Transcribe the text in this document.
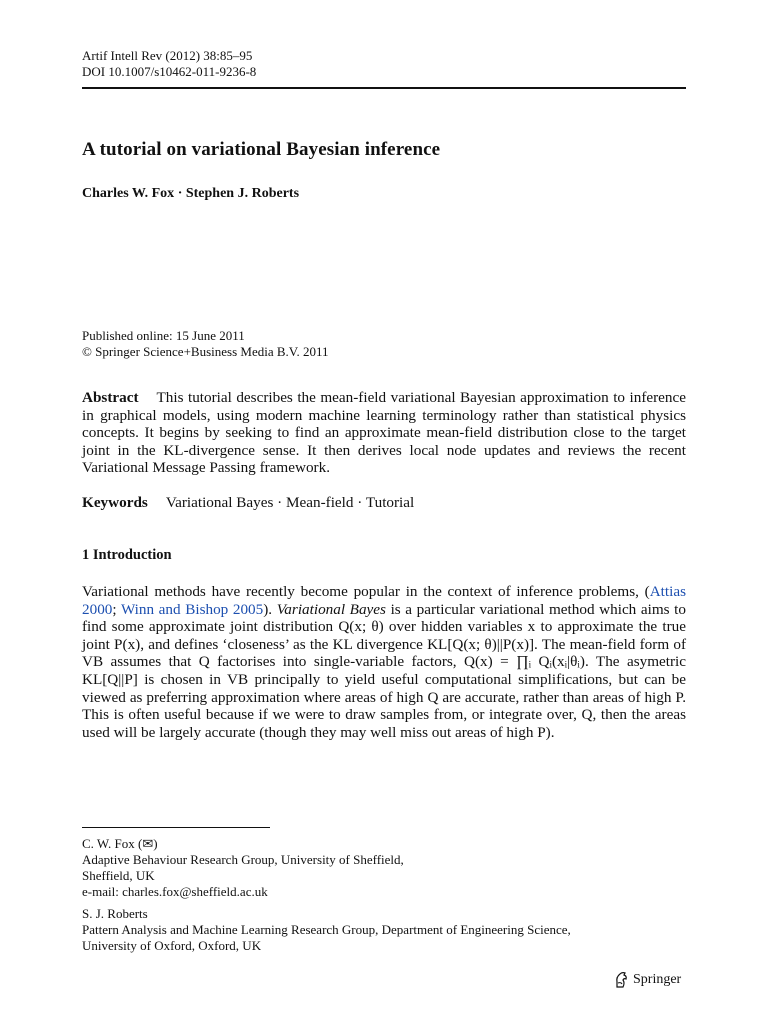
Artif Intell Rev (2012) 38:85–95
DOI 10.1007/s10462-011-9236-8
A tutorial on variational Bayesian inference
Charles W. Fox · Stephen J. Roberts
Published online: 15 June 2011
© Springer Science+Business Media B.V. 2011
Abstract This tutorial describes the mean-field variational Bayesian approximation to inference in graphical models, using modern machine learning terminology rather than statistical physics concepts. It begins by seeking to find an approximate mean-field distribution close to the target joint in the KL-divergence sense. It then derives local node updates and reviews the recent Variational Message Passing framework.
Keywords Variational Bayes · Mean-field · Tutorial
1 Introduction
Variational methods have recently become popular in the context of inference problems, (Attias 2000; Winn and Bishop 2005). Variational Bayes is a particular variational method which aims to find some approximate joint distribution Q(x; θ) over hidden variables x to approximate the true joint P(x), and defines ‘closeness’ as the KL divergence KL[Q(x; θ)||P(x)]. The mean-field form of VB assumes that Q factorises into single-variable factors, Q(x) = ∏ᵢ Qᵢ(xᵢ|θᵢ). The asymetric KL[Q||P] is chosen in VB principally to yield useful computational simplifications, but can be viewed as preferring approximation where areas of high Q are accurate, rather than areas of high P. This is often useful because if we were to draw samples from, or integrate over, Q, then the areas used will be largely accurate (though they may well miss out areas of high P).
C. W. Fox (✉)
Adaptive Behaviour Research Group, University of Sheffield,
Sheffield, UK
e-mail: charles.fox@sheffield.ac.uk
S. J. Roberts
Pattern Analysis and Machine Learning Research Group, Department of Engineering Science,
University of Oxford, Oxford, UK
Springer
